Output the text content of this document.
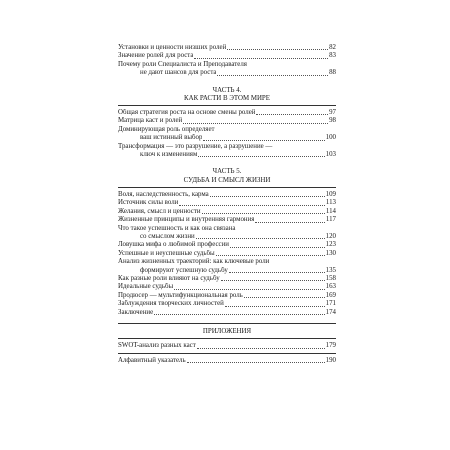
Установки и ценности низших ролей	82
Значение ролей для роста	83
Почему роли Специалиста и Преподавателя
не дают шансов для роста	88
ЧАСТЬ 4.
КАК РАСТИ В ЭТОМ МИРЕ
Общая стратегия роста на основе смены ролей	97
Матрица каст и ролей	98
Доминирующая роль определяет
ваш истинный выбор	100
Трансформация — это разрушение, а разрушение —
ключ к изменениям	103
ЧАСТЬ 5.
СУДЬБА И СМЫСЛ ЖИЗНИ
Воля, наследственность, карма	109
Источник силы воли	113
Желания, смысл и ценности	114
Жизненные принципы и внутренняя гармония	117
Что такое успешность и как она связана
со смыслом жизни	120
Ловушка мифа о любимой профессии	123
Успешные и неуспешные судьбы	130
Анализ жизненных траекторий: как ключевые роли
формируют успешную судьбу	135
Как разные роли влияют на судьбу	158
Идеальные судьбы	163
Продюсер — мультифункциональная роль	169
Заблуждения творческих личностей	171
Заключение	174
ПРИЛОЖЕНИЯ
SWOT-анализ разных каст	179
Алфавитный указатель	190
